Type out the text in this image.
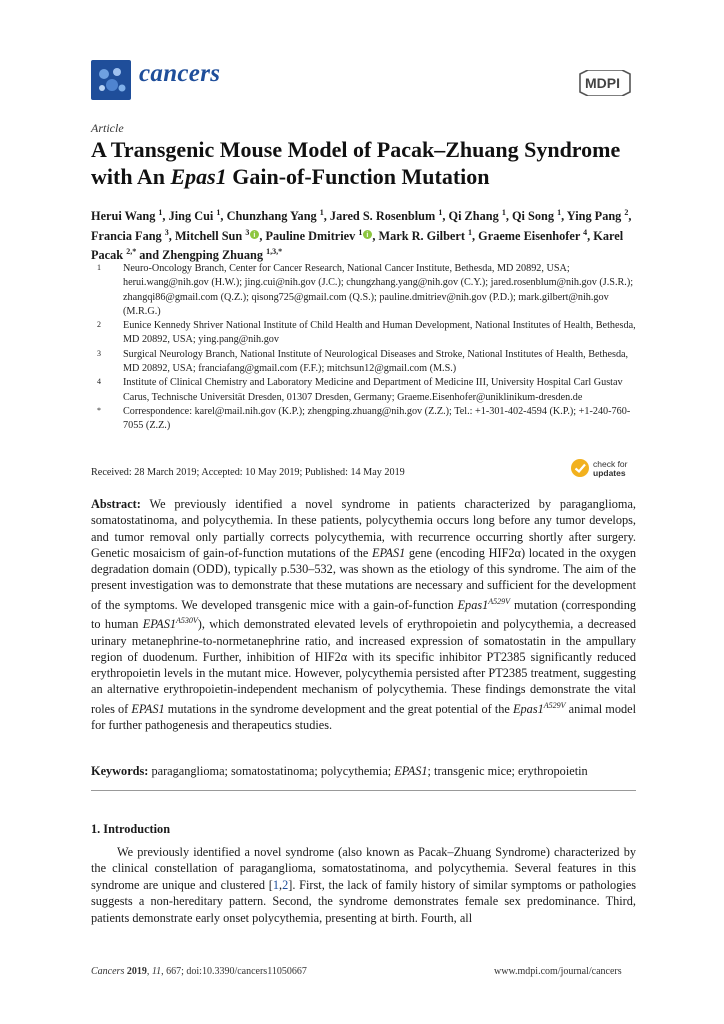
cancers	MDPI
Article
A Transgenic Mouse Model of Pacak–Zhuang Syndrome with An Epas1 Gain-of-Function Mutation
Herui Wang $^1$, Jing Cui $^1$, Chunzhang Yang $^1$, Jared S. Rosenblum $^1$, Qi Zhang $^1$, Qi Song $^1$, Ying Pang $^2$, Francia Fang $^3$, Mitchell Sun $^3$ i , Pauline Dmitriev $^1$ i , Mark R. Gilbert $^1$, Graeme Eisenhofer $^4$, Karel Pacak $^{2,*}$ and Zhengping Zhuang $^{1,3,*}$
1	Neuro-Oncology Branch, Center for Cancer Research, National Cancer Institute, Bethesda, MD 20892, USA; herui.wang@nih.gov (H.W.); jing.cui@nih.gov (J.C.); chungzhang.yang@nih.gov (C.Y.); jared.rosenblum@nih.gov (J.S.R.); zhangqi86@gmail.com (Q.Z.); qisong725@gmail.com (Q.S.); pauline.dmitriev@nih.gov (P.D.); mark.gilbert@nih.gov (M.R.G.)
2	Eunice Kennedy Shriver National Institute of Child Health and Human Development, National Institutes of Health, Bethesda, MD 20892, USA; ying.pang@nih.gov
3	Surgical Neurology Branch, National Institute of Neurological Diseases and Stroke, National Institutes of Health, Bethesda, MD 20892, USA; franciafang@gmail.com (F.F.); mitchsun12@gmail.com (M.S.)
4	Institute of Clinical Chemistry and Laboratory Medicine and Department of Medicine III, University Hospital Carl Gustav Carus, Technische Universität Dresden, 01307 Dresden, Germany; Graeme.Eisenhofer@uniklinikum-dresden.de
*	Correspondence: karel@mail.nih.gov (K.P.); zhengping.zhuang@nih.gov (Z.Z.); Tel.: +1-301-402-4594 (K.P.); +1-240-760-7055 (Z.Z.)
Received: 28 March 2019; Accepted: 10 May 2019; Published: 14 May 2019
check for
updates
Abstract: We previously identified a novel syndrome in patients characterized by paraganglioma, somatostatinoma, and polycythemia. In these patients, polycythemia occurs long before any tumor develops, and tumor removal only partially corrects polycythemia, with recurrence occurring shortly after surgery. Genetic mosaicism of gain-of-function mutations of the EPAS1 gene (encoding HIF2α) located in the oxygen degradation domain (ODD), typically p.530–532, was shown as the etiology of this syndrome. The aim of the present investigation was to demonstrate that these mutations are necessary and sufficient for the development of the symptoms. We developed transgenic mice with a gain-of-function $Epas1^{A529V}$ mutation (corresponding to human $EPAS1^{A530V}$), which demonstrated elevated levels of erythropoietin and polycythemia, a decreased urinary metanephrine-to-normetanephrine ratio, and increased expression of somatostatin in the ampullary region of duodenum. Further, inhibition of HIF2α with its specific inhibitor PT2385 significantly reduced erythropoietin levels in the mutant mice. However, polycythemia persisted after PT2385 treatment, suggesting an alternative erythropoietin-independent mechanism of polycythemia. These findings demonstrate the vital roles of EPAS1 mutations in the syndrome development and the great potential of the $Epas1^{A529V}$ animal model for further pathogenesis and therapeutics studies.
Keywords: paraganglioma; somatostatinoma; polycythemia; EPAS1; transgenic mice; erythropoietin
1. Introduction
We previously identified a novel syndrome (also known as Pacak–Zhuang Syndrome) characterized by the clinical constellation of paraganglioma, somatostatinoma, and polycythemia. Several features in this syndrome are unique and clustered [1,2]. First, the lack of family history of similar symptoms or pathologies suggests a non-hereditary pattern. Second, the syndrome demonstrates female sex predominance. Third, patients demonstrate early onset polycythemia, presenting at birth. Fourth, all
Cancers 2019, 11, 667; doi:10.3390/cancers11050667	www.mdpi.com/journal/cancers
